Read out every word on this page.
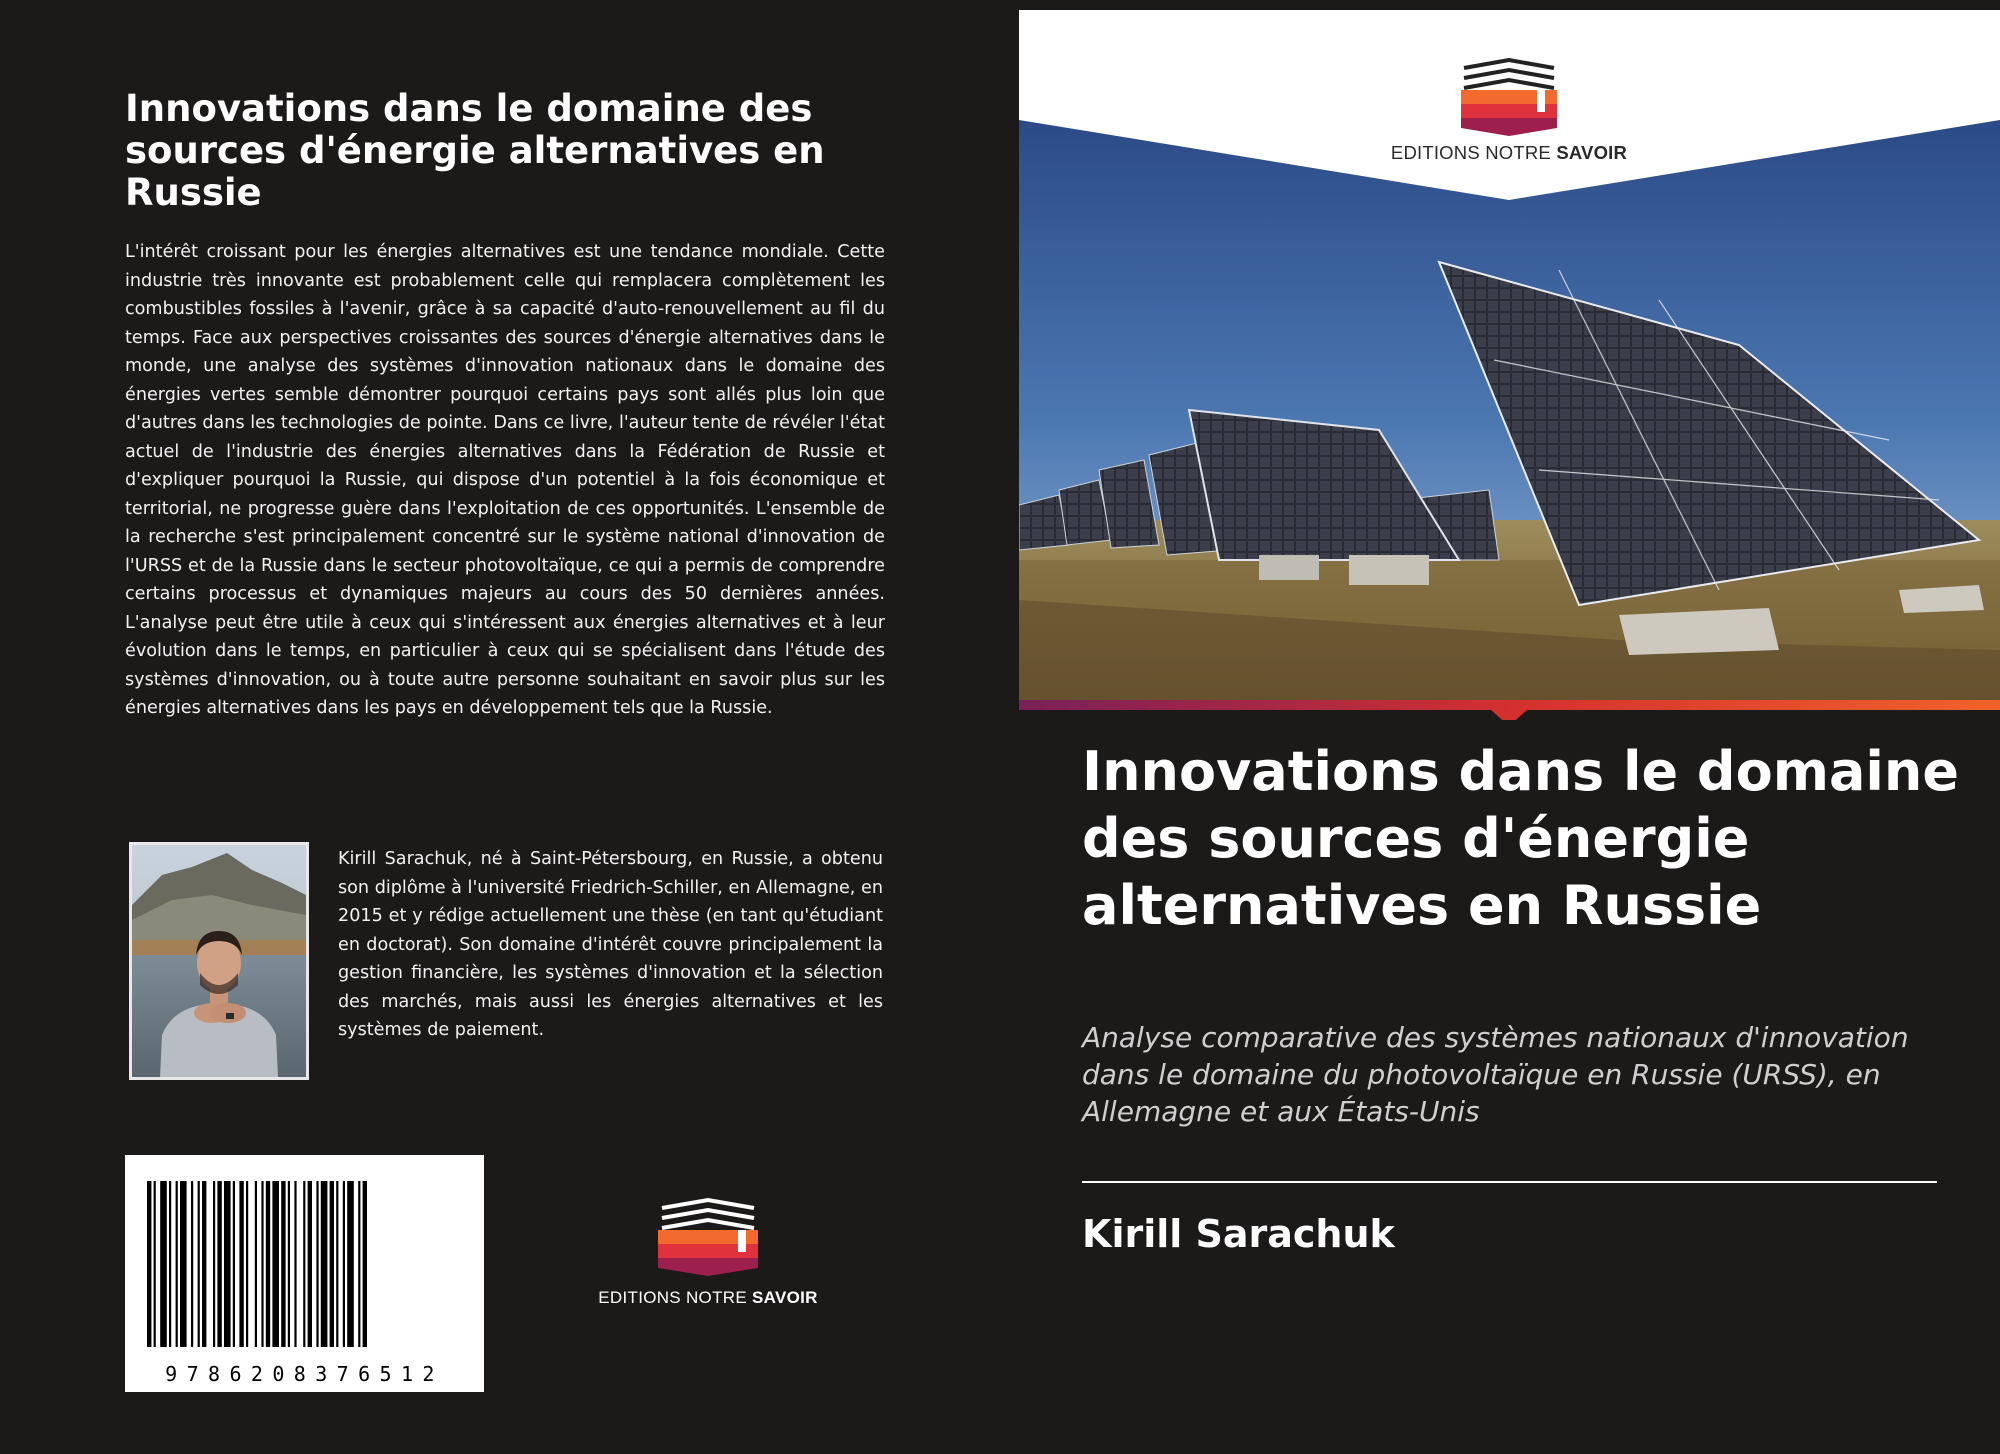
Innovations dans le domaine des sources d'énergie alternatives en Russie

L'intérêt croissant pour les énergies alternatives est une tendance mondiale. Cette industrie très innovante est probablement celle qui remplacera complètement les combustibles fossiles à l'avenir, grâce à sa capacité d'auto-renouvellement au fil du temps. Face aux perspectives croissantes des sources d'énergie alternatives dans le monde, une analyse des systèmes d'innovation nationaux dans le domaine des énergies vertes semble démontrer pourquoi certains pays sont allés plus loin que d'autres dans les technologies de pointe. Dans ce livre, l'auteur tente de révéler l'état actuel de l'industrie des énergies alternatives dans la Fédération de Russie et d'expliquer pourquoi la Russie, qui dispose d'un potentiel à la fois économique et territorial, ne progresse guère dans l'exploitation de ces opportunités. L'ensemble de la recherche s'est principalement concentré sur le système national d'innovation de l'URSS et de la Russie dans le secteur photovoltaïque, ce qui a permis de comprendre certains processus et dynamiques majeurs au cours des 50 dernières années. L'analyse peut être utile à ceux qui s'intéressent aux énergies alternatives et à leur évolution dans le temps, en particulier à ceux qui se spécialisent dans l'étude des systèmes d'innovation, ou à toute autre personne souhaitant en savoir plus sur les énergies alternatives dans les pays en développement tels que la Russie.

Kirill Sarachuk, né à Saint-Pétersbourg, en Russie, a obtenu son diplôme à l'université Friedrich-Schiller, en Allemagne, en 2015 et y rédige actuellement une thèse (en tant qu'étudiant en doctorat). Son domaine d'intérêt couvre principalement la gestion financière, les systèmes d'innovation et la sélection des marchés, mais aussi les énergies alternatives et les systèmes de paiement.

9786208376512
EDITIONS NOTRE SAVOIR
EDITIONS NOTRE SAVOIR
Innovations dans le domaine des sources d'énergie alternatives en Russie
Analyse comparative des systèmes nationaux d'innovation dans le domaine du photovoltaïque en Russie (URSS), en Allemagne et aux États-Unis
Kirill Sarachuk
